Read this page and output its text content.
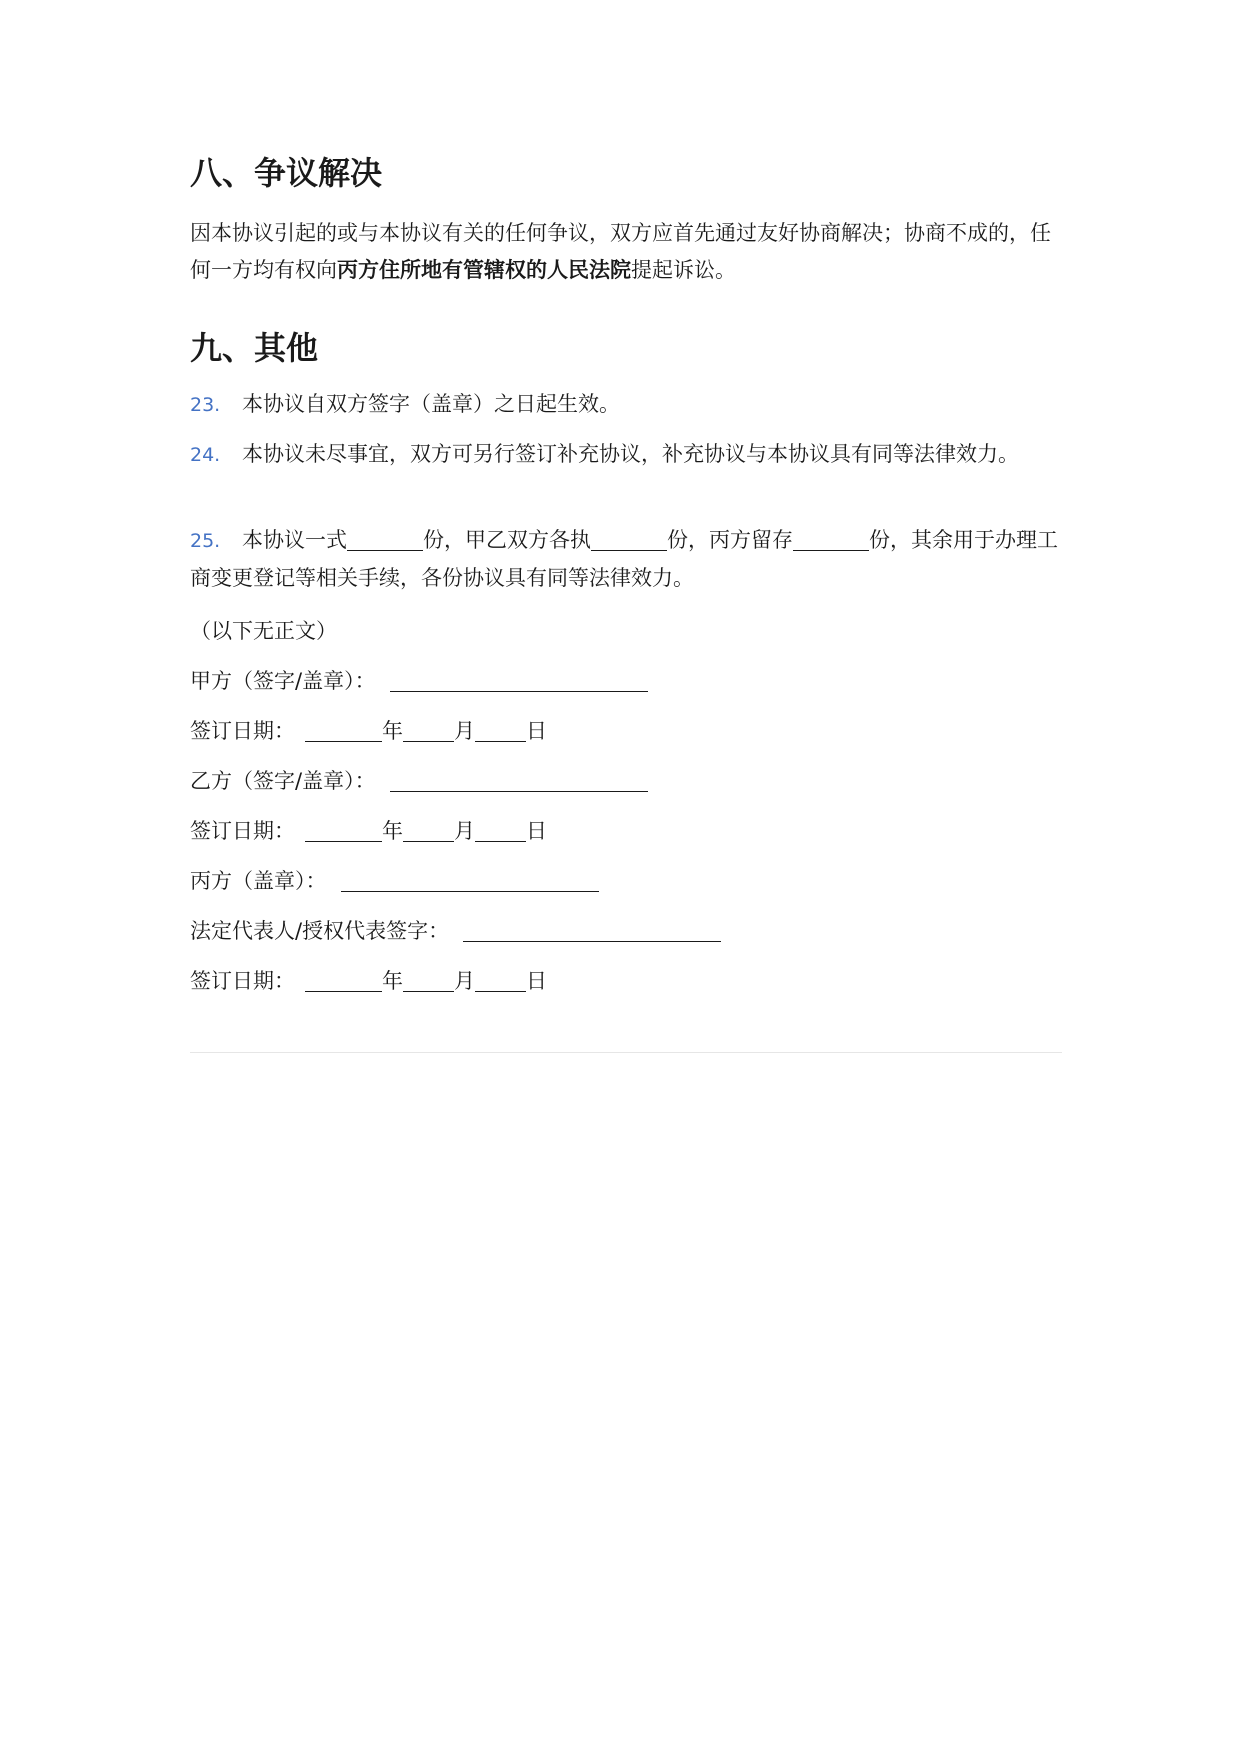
八、争议解决

因本协议引起的或与本协议有关的任何争议，双方应首先通过友好协商解决；协商不成的，任何一方均有权向丙方住所地有管辖权的人民法院提起诉讼。

九、其他

23. 本协议自双方签字（盖章）之日起生效。

24. 本协议未尽事宜，双方可另行签订补充协议，补充协议与本协议具有同等法律效力。

25. 本协议一式	份，甲乙双方各执	份，丙方留存	份，其余用于办理工商变更登记等相关手续，各份协议具有同等法律效力。

（以下无正文）
甲方（签字/盖章）：
签订日期：	年 月 日
乙方（签字/盖章）：
签订日期：	年 月 日
丙方（盖章）：
法定代表人/授权代表签字：
签订日期：	年 月 日
